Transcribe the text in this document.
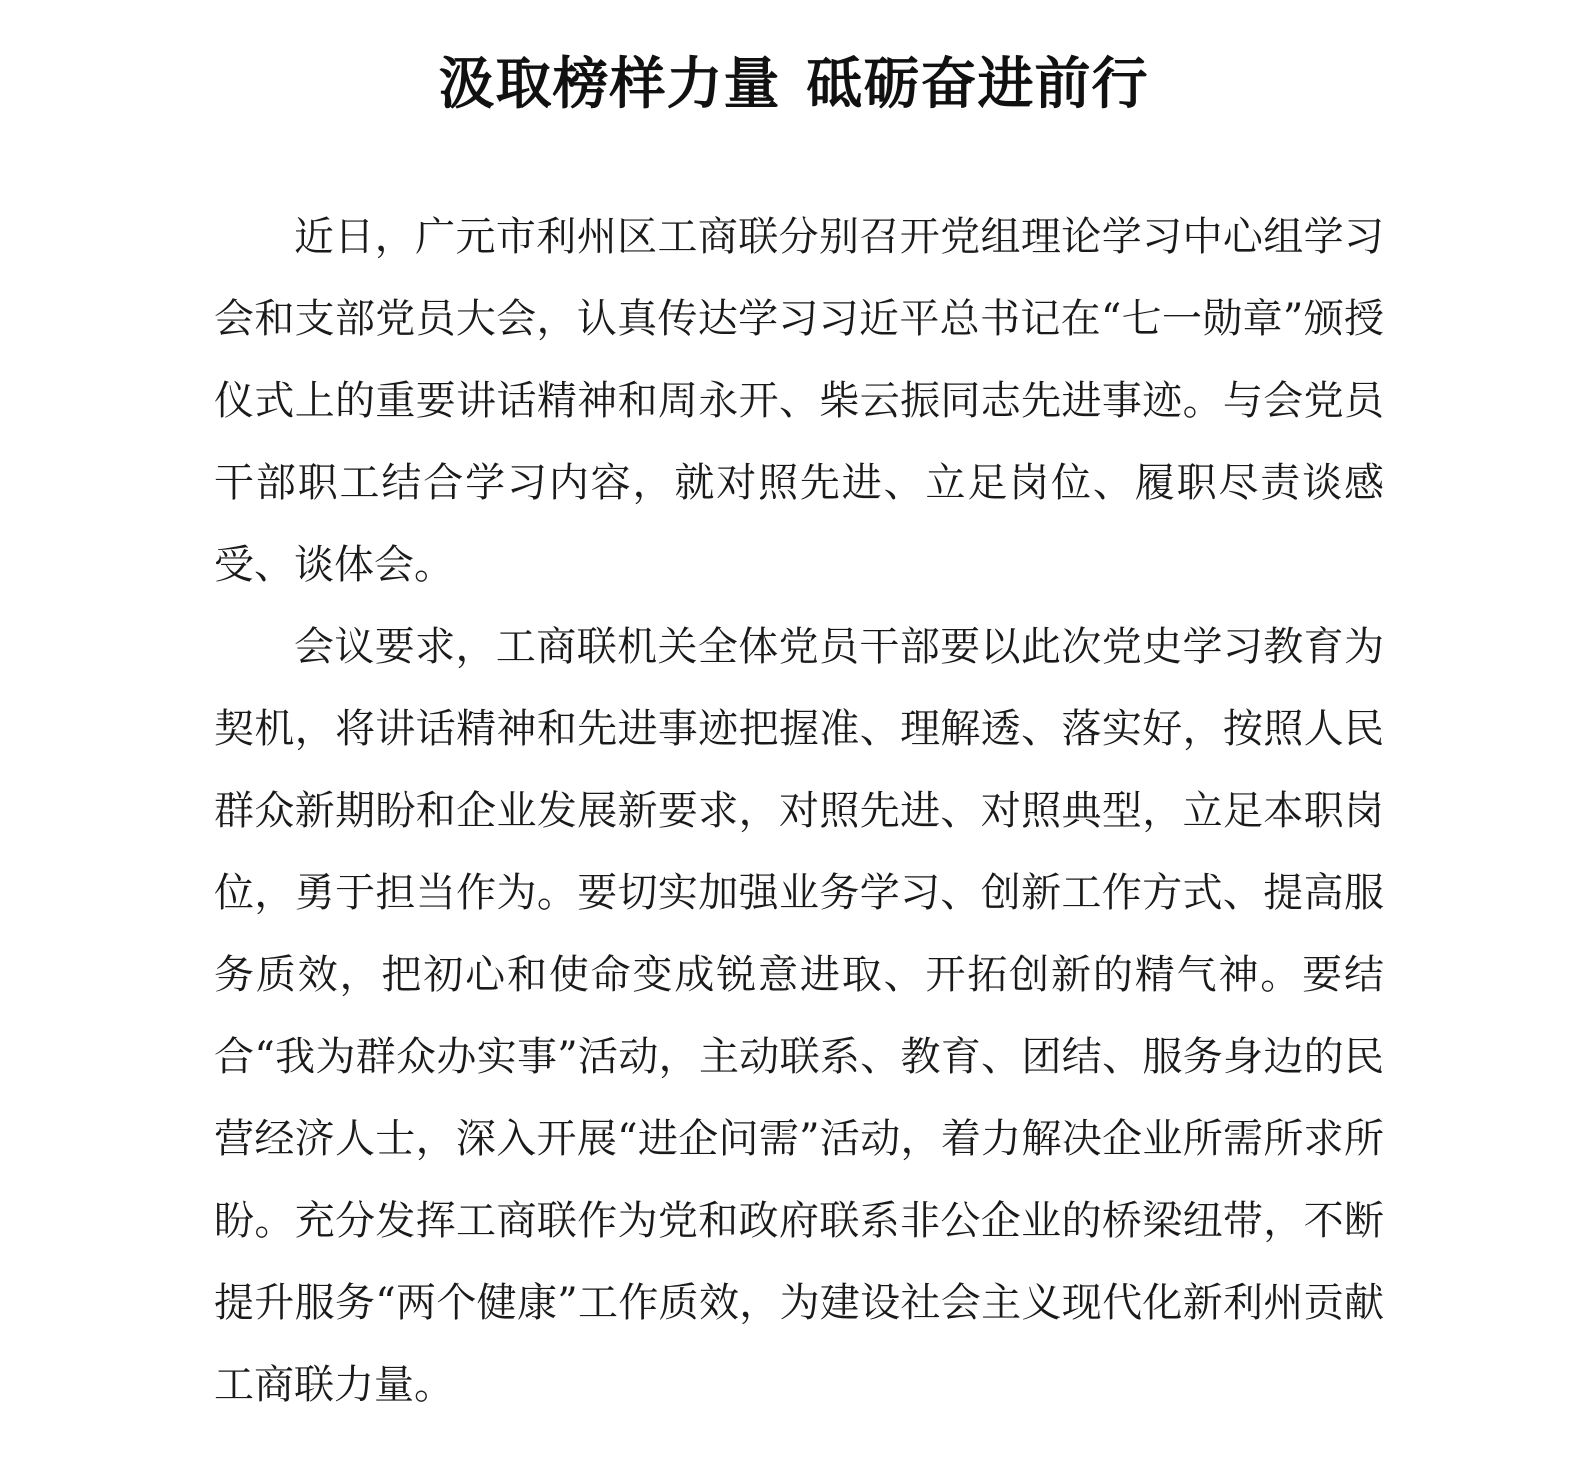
汲取榜样力量 砥砺奋进前行

近日，广元市利州区工商联分别召开党组理论学习中心组学习会和支部党员大会，认真传达学习习近平总书记在“七一勋章”颁授仪式上的重要讲话精神和周永开、柴云振同志先进事迹。与会党员干部职工结合学习内容，就对照先进、立足岗位、履职尽责谈感受、谈体会。

会议要求，工商联机关全体党员干部要以此次党史学习教育为契机，将讲话精神和先进事迹把握准、理解透、落实好，按照人民群众新期盼和企业发展新要求，对照先进、对照典型，立足本职岗位，勇于担当作为。要切实加强业务学习、创新工作方式、提高服务质效，把初心和使命变成锐意进取、开拓创新的精气神。要结合“我为群众办实事”活动，主动联系、教育、团结、服务身边的民营经济人士，深入开展“进企问需”活动，着力解决企业所需所求所盼。充分发挥工商联作为党和政府联系非公企业的桥梁纽带，不断提升服务“两个健康”工作质效，为建设社会主义现代化新利州贡献工商联力量。
